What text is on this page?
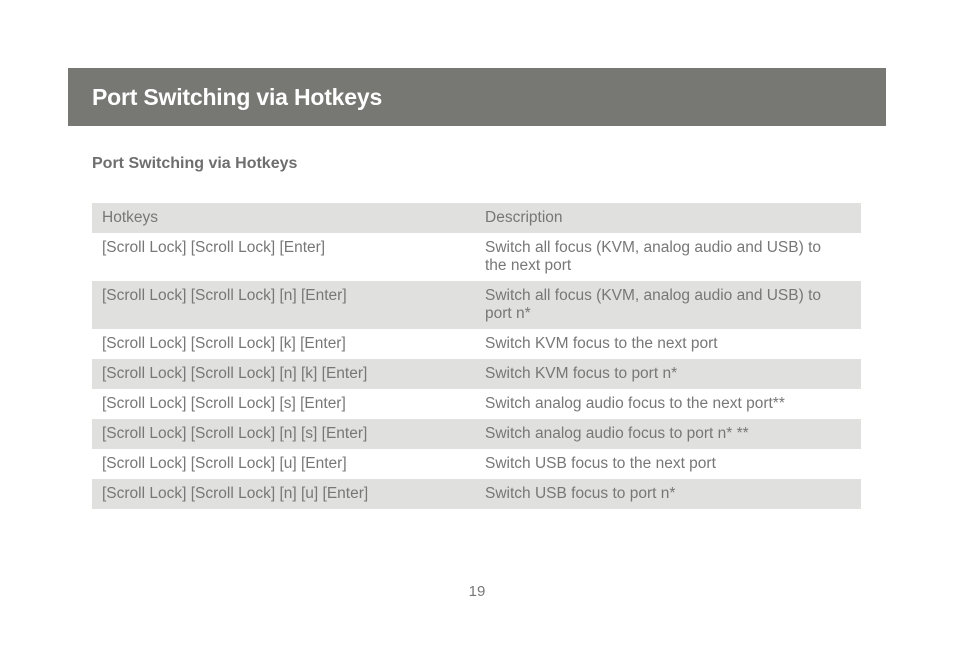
Port Switching via Hotkeys
Port Switching via Hotkeys
Hotkeys	Description
[Scroll Lock] [Scroll Lock] [Enter]	Switch all focus (KVM, analog audio and USB) to the next port
[Scroll Lock] [Scroll Lock] [n] [Enter]	Switch all focus (KVM, analog audio and USB) to port n*
[Scroll Lock] [Scroll Lock] [k] [Enter]	Switch KVM focus to the next port
[Scroll Lock] [Scroll Lock] [n] [k] [Enter]	Switch KVM focus to port n*
[Scroll Lock] [Scroll Lock] [s] [Enter]	Switch analog audio focus to the next port**
[Scroll Lock] [Scroll Lock] [n] [s] [Enter]	Switch analog audio focus to port n* **
[Scroll Lock] [Scroll Lock] [u] [Enter]	Switch USB focus to the next port
[Scroll Lock] [Scroll Lock] [n] [u] [Enter]	Switch USB focus to port n*
19
